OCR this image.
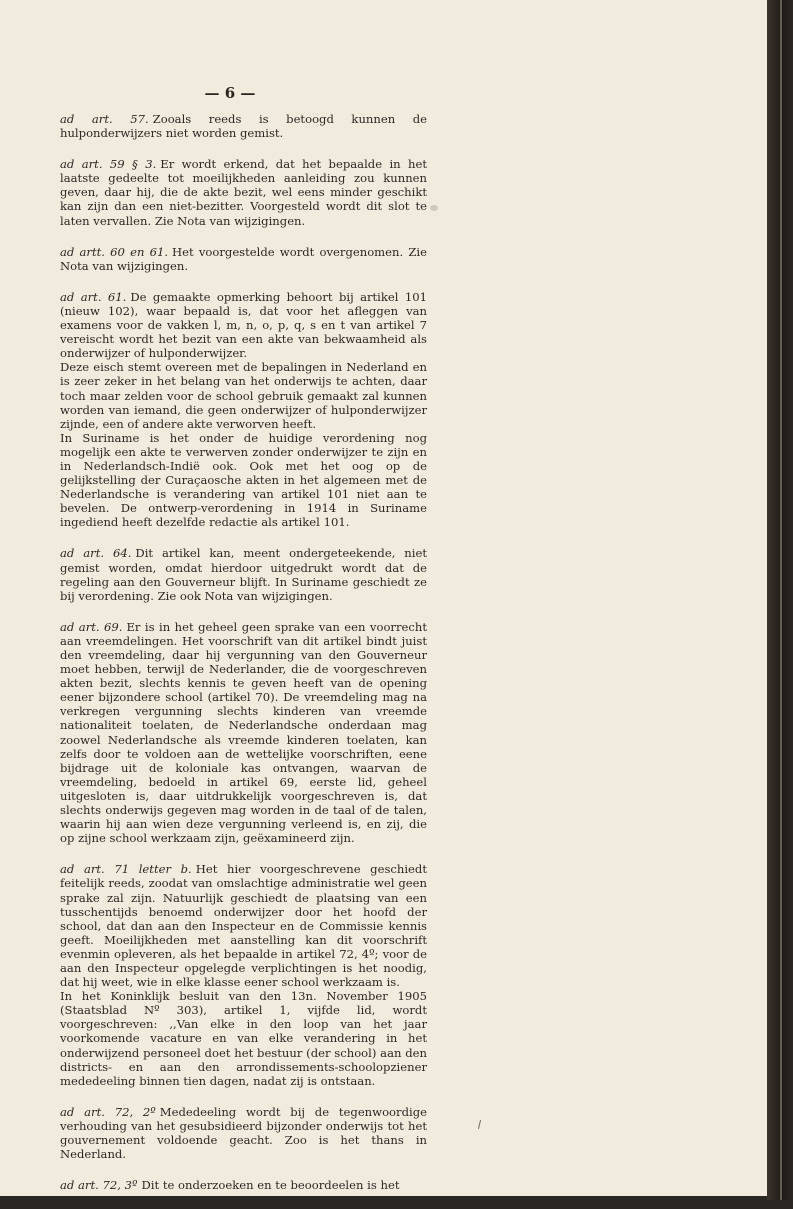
— 6 —

ad art. 57. Zooals reeds is betoogd kunnen de hulponderwijzers niet worden gemist.

ad art. 59 § 3. Er wordt erkend, dat het bepaalde in het laatste gedeelte tot moeilijkheden aanleiding zou kunnen geven, daar hij, die de akte bezit, wel eens minder geschikt kan zijn dan een niet-bezitter. Voorgesteld wordt dit slot te laten vervallen. Zie Nota van wijzigingen.

ad artt. 60 en 61. Het voorgestelde wordt overgenomen. Zie Nota van wijzigingen.

ad art. 61. De gemaakte opmerking behoort bij artikel 101 (nieuw 102), waar bepaald is, dat voor het afleggen van examens voor de vakken l, m, n, o, p, q, s en t van artikel 7 vereischt wordt het bezit van een akte van bekwaamheid als onderwijzer of hulponderwijzer.

Deze eisch stemt overeen met de bepalingen in Nederland en is zeer zeker in het belang van het onderwijs te achten, daar toch maar zelden voor de school gebruik gemaakt zal kunnen worden van iemand, die geen onderwijzer of hulponderwijzer zijnde, een of andere akte verworven heeft.

In Suriname is het onder de huidige verordening nog mogelijk een akte te verwerven zonder onderwijzer te zijn en in Nederlandsch-Indië ook. Ook met het oog op de gelijkstelling der Curaçaosche akten in het algemeen met de Nederlandsche is verandering van artikel 101 niet aan te bevelen. De ontwerp-verordening in 1914 in Suriname ingediend heeft dezelfde redactie als artikel 101.

ad art. 64. Dit artikel kan, meent ondergeteekende, niet gemist worden, omdat hierdoor uitgedrukt wordt dat de regeling aan den Gouverneur blijft. In Suriname geschiedt ze bij verordening. Zie ook Nota van wijzigingen.

ad art. 69. Er is in het geheel geen sprake van een voorrecht aan vreemdelingen. Het voorschrift van dit artikel bindt juist den vreemdeling, daar hij vergunning van den Gouverneur moet hebben, terwijl de Nederlander, die de voorgeschreven akten bezit, slechts kennis te geven heeft van de opening eener bijzondere school (artikel 70). De vreemdeling mag na verkregen vergunning slechts kinderen van vreemde nationaliteit toelaten, de Nederlandsche onderdaan mag zoowel Nederlandsche als vreemde kinderen toelaten, kan zelfs door te voldoen aan de wettelijke voorschriften, eene bijdrage uit de koloniale kas ontvangen, waarvan de vreemdeling, bedoeld in artikel 69, eerste lid, geheel uitgesloten is, daar uitdrukkelijk voorgeschreven is, dat slechts onderwijs gegeven mag worden in de taal of de talen, waarin hij aan wien deze vergunning verleend is, en zij, die op zijne school werkzaam zijn, geëxamineerd zijn.

ad art. 71 letter b. Het hier voorgeschrevene geschiedt feitelijk reeds, zoodat van omslachtige administratie wel geen sprake zal zijn. Natuurlijk geschiedt de plaatsing van een tusschentijds benoemd onderwijzer door het hoofd der school, dat dan aan den Inspecteur en de Commissie kennis geeft. Moeilijkheden met aanstelling kan dit voorschrift evenmin opleveren, als het bepaalde in artikel 72, 4º; voor de aan den Inspecteur opgelegde verplichtingen is het noodig, dat hij weet, wie in elke klasse eener school werkzaam is.

In het Koninklijk besluit van den 13n. November 1905 (Staatsblad Nº 303), artikel 1, vijfde lid, wordt voorgeschreven: ,,Van elke in den loop van het jaar voorkomende vacature en van elke verandering in het onderwijzend personeel doet het bestuur (der school) aan den districts- en aan den arrondissements-schoolopziener mededeeling binnen tien dagen, nadat zij is ontstaan.

ad art. 72, 2º Mededeeling wordt bij de tegenwoordige verhouding van het gesubsidieerd bijzonder onderwijs tot het gouvernement voldoende geacht. Zoo is het thans in Nederland.

ad art. 72, 3º Dit te onderzoeken en te beoordeelen is het
